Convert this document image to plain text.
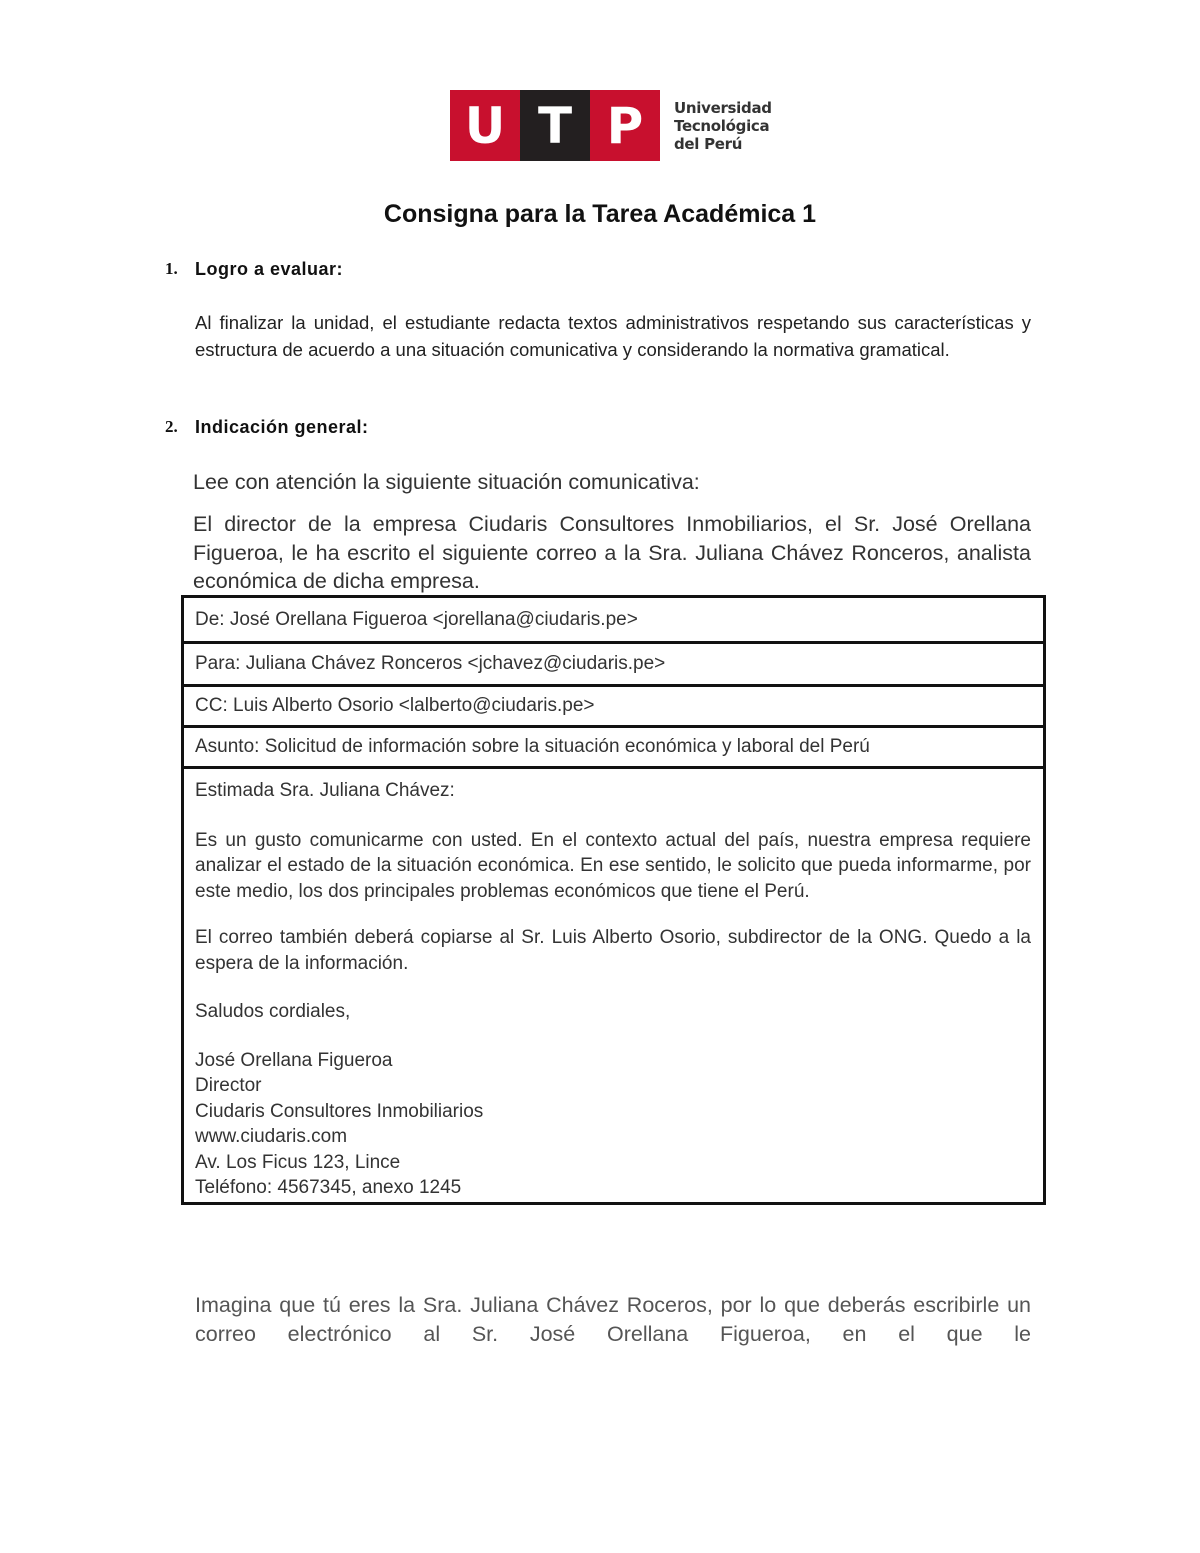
U T P	Universidad
Tecnológica
del Perú
Consigna para la Tarea Académica 1
1. Logro a evaluar:
Al finalizar la unidad, el estudiante redacta textos administrativos respetando sus características y estructura de acuerdo a una situación comunicativa y considerando la normativa gramatical.
2. Indicación general:
Lee con atención la siguiente situación comunicativa:
El director de la empresa Ciudaris Consultores Inmobiliarios, el Sr. José Orellana Figueroa, le ha escrito el siguiente correo a la Sra. Juliana Chávez Ronceros, analista económica de dicha empresa.
De: José Orellana Figueroa <jorellana@ciudaris.pe>
Para: Juliana Chávez Ronceros <jchavez@ciudaris.pe>
CC: Luis Alberto Osorio <lalberto@ciudaris.pe>
Asunto: Solicitud de información sobre la situación económica y laboral del Perú

Estimada Sra. Juliana Chávez:

Es un gusto comunicarme con usted. En el contexto actual del país, nuestra empresa requiere analizar el estado de la situación económica. En ese sentido, le solicito que pueda informarme, por este medio, los dos principales problemas económicos que tiene el Perú.

El correo también deberá copiarse al Sr. Luis Alberto Osorio, subdirector de la ONG. Quedo a la espera de la información.

Saludos cordiales,

José Orellana Figueroa
Director
Ciudaris Consultores Inmobiliarios
www.ciudaris.com
Av. Los Ficus 123, Lince
Teléfono: 4567345, anexo 1245
Imagina que tú eres la Sra. Juliana Chávez Roceros, por lo que deberás escribirle un correo electrónico al Sr. José Orellana Figueroa, en el que le
